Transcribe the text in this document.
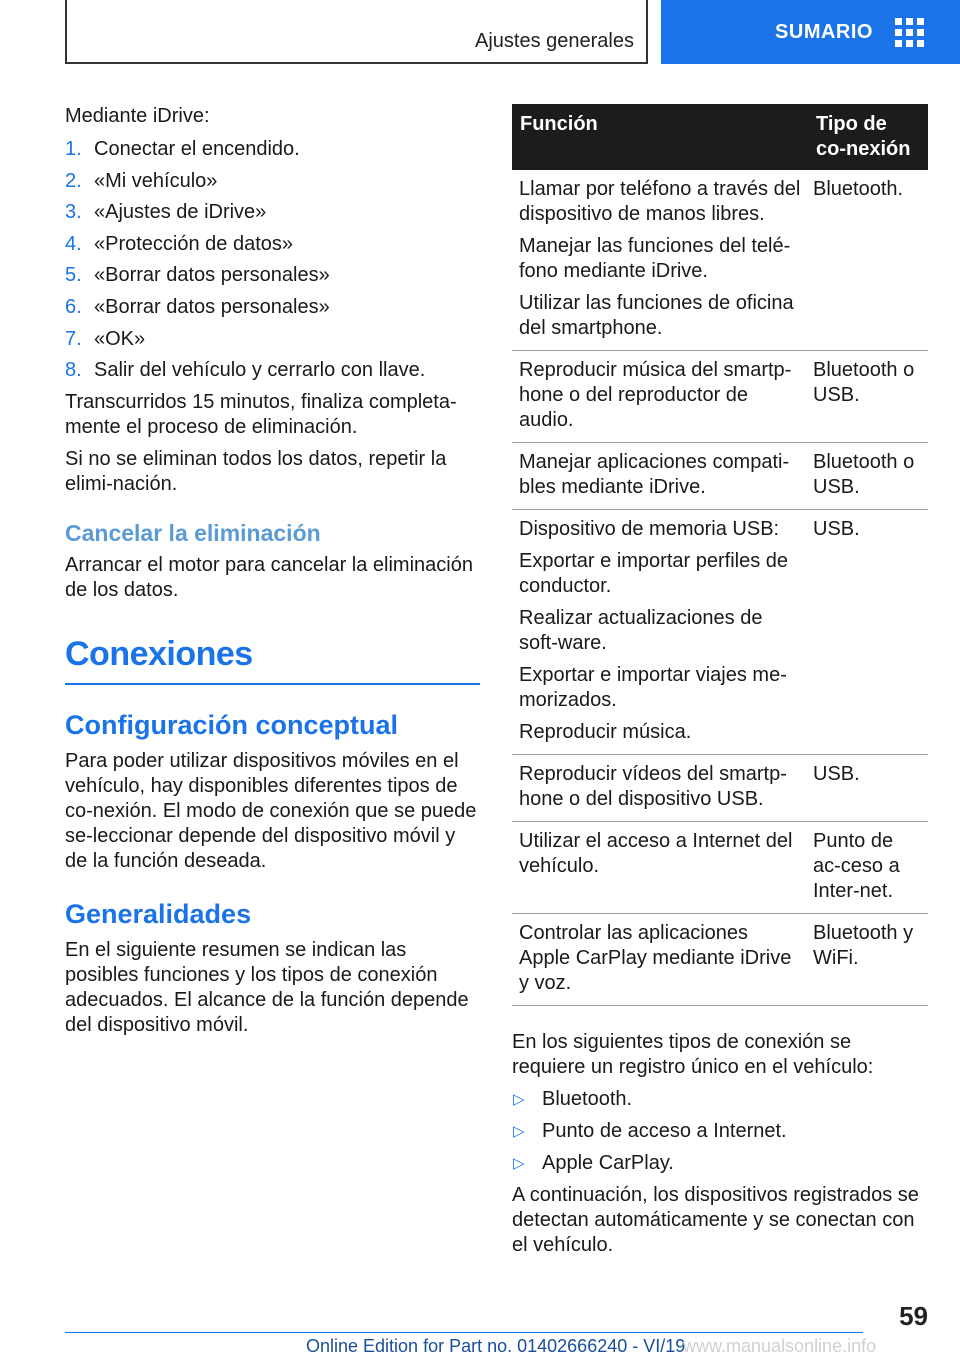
Ajustes generales	SUMARIO

Mediante iDrive:

1. Conectar el encendido.
2. «Mi vehículo»
3. «Ajustes de iDrive»
4. «Protección de datos»
5. «Borrar datos personales»
6. «Borrar datos personales»
7. «OK»
8. Salir del vehículo y cerrarlo con llave.

Transcurridos 15 minutos, finaliza completa-mente el proceso de eliminación.

Si no se eliminan todos los datos, repetir la elimi-nación.

Cancelar la eliminación

Arrancar el motor para cancelar la eliminación de los datos.

Conexiones
Configuración conceptual

Para poder utilizar dispositivos móviles en el vehículo, hay disponibles diferentes tipos de co-nexión. El modo de conexión que se puede se-leccionar depende del dispositivo móvil y de la función deseada.

Generalidades

En el siguiente resumen se indican las posibles funciones y los tipos de conexión adecuados. El alcance de la función depende del dispositivo móvil.

Función	Tipo de co-nexión

Llamar por teléfono a través del dispositivo de manos libres.
Manejar las funciones del telé-fono mediante iDrive.
Utilizar las funciones de oficina del smartphone.	Bluetooth.

Reproducir música del smartp-hone o del reproductor de audio.	Bluetooth o USB.

Manejar aplicaciones compati-bles mediante iDrive.	Bluetooth o USB.

Dispositivo de memoria USB:
Exportar e importar perfiles de conductor.
Realizar actualizaciones de soft-ware.
Exportar e importar viajes me-morizados.
Reproducir música.	USB.

Reproducir vídeos del smartp-hone o del dispositivo USB.	USB.

Utilizar el acceso a Internet del vehículo.	Punto de ac-ceso a Inter-net.

Controlar las aplicaciones Apple CarPlay mediante iDrive y voz.	Bluetooth y WiFi.

En los siguientes tipos de conexión se requiere un registro único en el vehículo:

▷ Bluetooth.
▷ Punto de acceso a Internet.
▷ Apple CarPlay.

A continuación, los dispositivos registrados se detectan automáticamente y se conectan con el vehículo.

59
Online Edition for Part no. 01402666240 - VI/19
www.manualsonline.info
